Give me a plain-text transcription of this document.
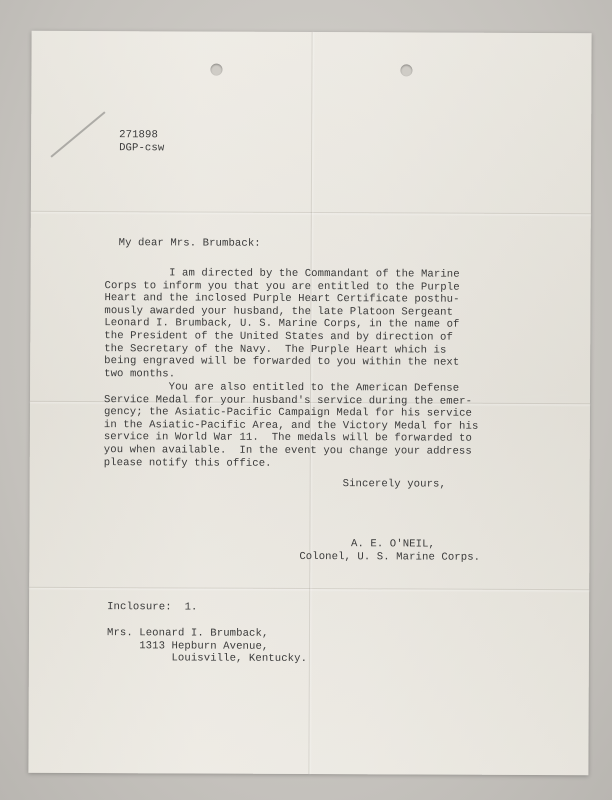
271898
DGP-csw
My dear Mrs. Brumback:
I am directed by the Commandant of the Marine
Corps to inform you that you are entitled to the Purple
Heart and the inclosed Purple Heart Certificate posthu-
mously awarded your husband, the late Platoon Sergeant
Leonard I. Brumback, U. S. Marine Corps, in the name of
the President of the United States and by direction of
the Secretary of the Navy.  The Purple Heart which is
being engraved will be forwarded to you within the next
two months.
You are also entitled to the American Defense
Service Medal for your husband's service during the emer-
gency; the Asiatic-Pacific Campaign Medal for his service
in the Asiatic-Pacific Area, and the Victory Medal for his
service in World War 11.  The medals will be forwarded to
you when available.  In the event you change your address
please notify this office.
Sincerely yours,
A. E. O'NEIL,
Colonel, U. S. Marine Corps.
Inclosure:  1.
Mrs. Leonard I. Brumback,
1313 Hepburn Avenue,
Louisville, Kentucky.
